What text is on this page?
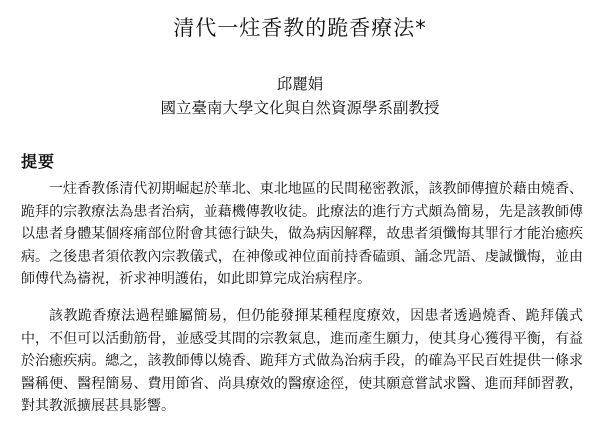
清代一炷香教的跪香療法*
邱麗娟
國立臺南大學文化與自然資源學系副教授
提要

一炷香教係清代初期崛起於華北、東北地區的民間秘密教派，該教師傳擅於藉由燒香、跪拜的宗教療法為患者治病，並藉機傳教收徒。此療法的進行方式頗為簡易，先是該教師傅以患者身體某個疼痛部位附會其德行缺失，做為病因解釋，故患者須懺悔其罪行才能治癒疾病。之後患者須依教內宗教儀式，在神像或神位面前持香磕頭、誦念咒語、虔誠懺悔，並由師傅代為禱祝，祈求神明護佑，如此即算完成治病程序。

該教跪香療法過程雖屬簡易，但仍能發揮某種程度療效，因患者透過燒香、跪拜儀式中，不但可以活動筋骨，並感受其間的宗教氣息，進而產生願力，使其身心獲得平衡，有益於治癒疾病。總之，該教師傅以燒香、跪拜方式做為治病手段，的確為平民百姓提供一條求醫稱便、醫程簡易、費用節省、尚具療效的醫療途徑，使其願意嘗試求醫、進而拜師習教，對其教派擴展甚具影響。
